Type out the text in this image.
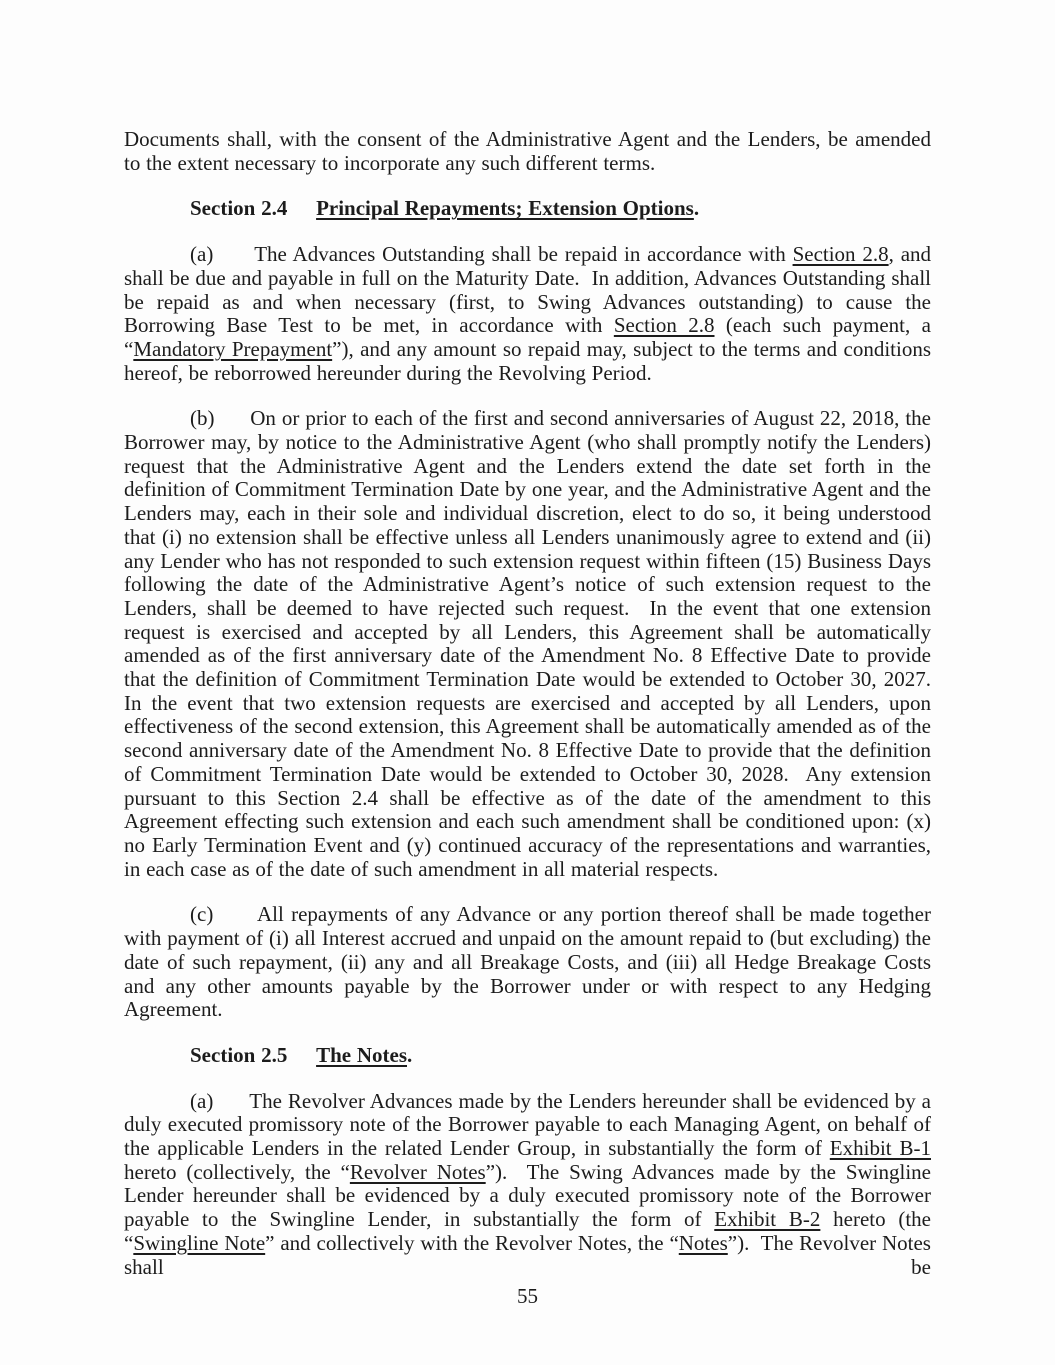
Documents shall, with the consent of the Administrative Agent and the Lenders, be amended to the extent necessary to incorporate any such different terms.

Section 2.4 Principal Repayments; Extension Options.

(a) The Advances Outstanding shall be repaid in accordance with Section 2.8, and shall be due and payable in full on the Maturity Date.  In addition, Advances Outstanding shall be repaid as and when necessary (first, to Swing Advances outstanding) to cause the Borrowing Base Test to be met, in accordance with Section 2.8 (each such payment, a “Mandatory Prepayment”), and any amount so repaid may, subject to the terms and conditions hereof, be reborrowed hereunder during the Revolving Period.

(b) On or prior to each of the first and second anniversaries of August 22, 2018, the Borrower may, by notice to the Administrative Agent (who shall promptly notify the Lenders) request that the Administrative Agent and the Lenders extend the date set forth in the definition of Commitment Termination Date by one year, and the Administrative Agent and the Lenders may, each in their sole and individual discretion, elect to do so, it being understood that (i) no extension shall be effective unless all Lenders unanimously agree to extend and (ii) any Lender who has not responded to such extension request within fifteen (15) Business Days following the date of the Administrative Agent’s notice of such extension request to the Lenders, shall be deemed to have rejected such request.  In the event that one extension request is exercised and accepted by all Lenders, this Agreement shall be automatically amended as of the first anniversary date of the Amendment No. 8 Effective Date to provide that the definition of Commitment Termination Date would be extended to October 30, 2027. In the event that two extension requests are exercised and accepted by all Lenders, upon effectiveness of the second extension, this Agreement shall be automatically amended as of the second anniversary date of the Amendment No. 8 Effective Date to provide that the definition of Commitment Termination Date would be extended to October 30, 2028.  Any extension pursuant to this Section 2.4 shall be effective as of the date of the amendment to this Agreement effecting such extension and each such amendment shall be conditioned upon: (x) no Early Termination Event and (y) continued accuracy of the representations and warranties, in each case as of the date of such amendment in all material respects.

(c) All repayments of any Advance or any portion thereof shall be made together with payment of (i) all Interest accrued and unpaid on the amount repaid to (but excluding) the date of such repayment, (ii) any and all Breakage Costs, and (iii) all Hedge Breakage Costs and any other amounts payable by the Borrower under or with respect to any Hedging Agreement.

Section 2.5 The Notes.

(a) The Revolver Advances made by the Lenders hereunder shall be evidenced by a duly executed promissory note of the Borrower payable to each Managing Agent, on behalf of the applicable Lenders in the related Lender Group, in substantially the form of Exhibit B-1 hereto (collectively, the “Revolver Notes”).  The Swing Advances made by the Swingline Lender hereunder shall be evidenced by a duly executed promissory note of the Borrower payable to the Swingline Lender, in substantially the form of Exhibit B-2 hereto (the “Swingline Note” and collectively with the Revolver Notes, the “Notes”).  The Revolver Notes shall be

55
